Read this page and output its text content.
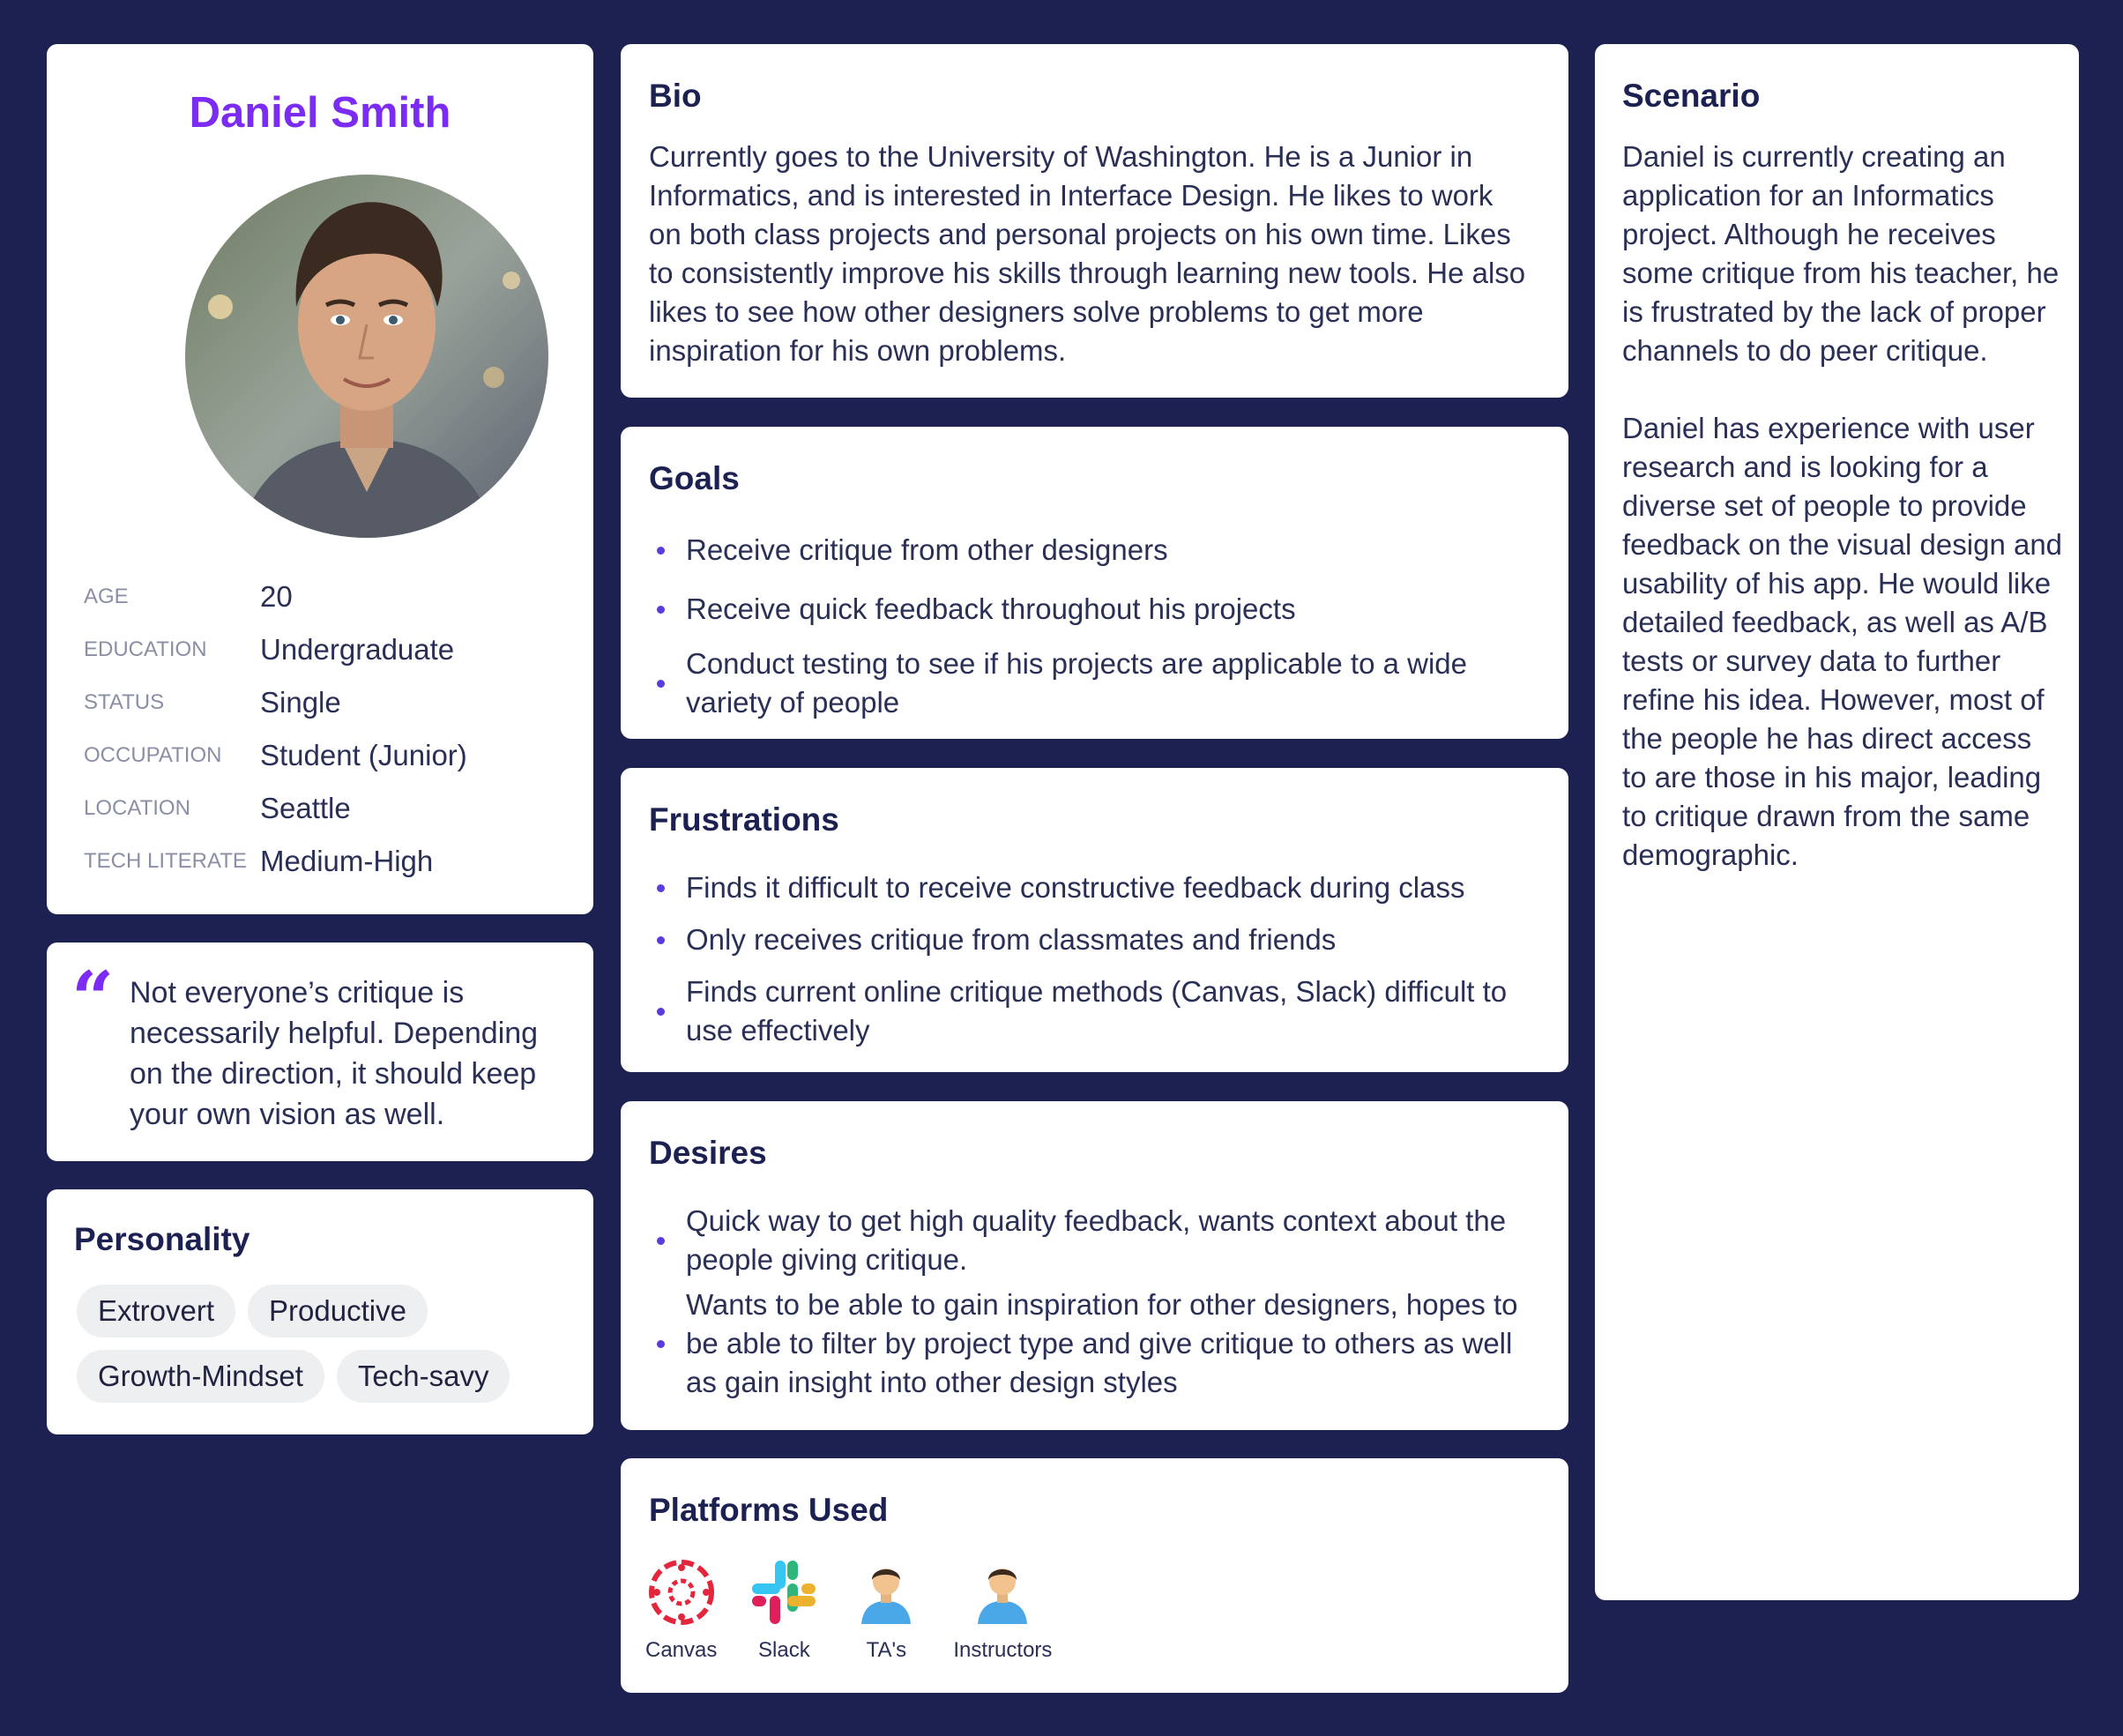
Daniel Smith
AGE	20
EDUCATION	Undergraduate
STATUS	Single
OCCUPATION	Student (Junior)
LOCATION	Seattle
TECH LITERATE Medium-High
“ Not everyone’s critique is necessarily helpful. Depending on the direction, it should keep your own vision as well.
Personality
Extrovert	Productive
Growth-Mindset	Tech-savy
Bio
Currently goes to the University of Washington. He is a Junior in Informatics, and is interested in Interface Design. He likes to work on both class projects and personal projects on his own time. Likes to consistently improve his skills through learning new tools. He also likes to see how other designers solve problems to get more inspiration for his own problems.
Goals
Receive critique from other designers
Receive quick feedback throughout his projects
Conduct testing to see if his projects are applicable to a wide variety of people
Frustrations
Finds it difficult to receive constructive feedback during class
Only receives critique from classmates and friends
Finds current online critique methods (Canvas, Slack) difficult to use effectively
Desires
Quick way to get high quality feedback, wants context about the people giving critique.
Wants to be able to gain inspiration for other designers, hopes to be able to filter by project type and give critique to others as well as gain insight into other design styles
Platforms Used
Canvas Slack	TA's Instructors
Scenario

Daniel is currently creating an application for an Informatics project. Although he receives some critique from his teacher, he is frustrated by the lack of proper channels to do peer critique.

Daniel has experience with user research and is looking for a diverse set of people to provide feedback on the visual design and usability of his app. He would like detailed feedback, as well as A/B tests or survey data to further refine his idea. However, most of the people he has direct access to are those in his major, leading to critique drawn from the same demographic.
